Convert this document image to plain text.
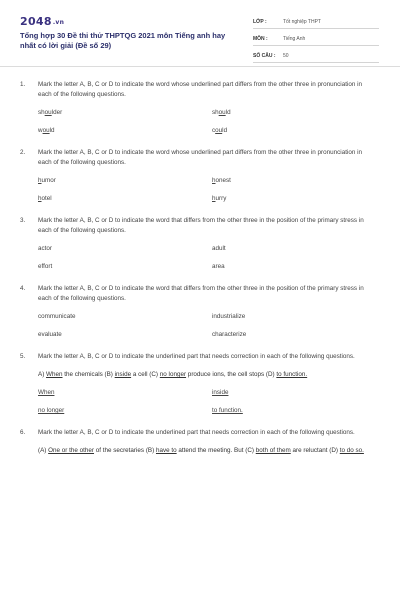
2048.vn
Tổng hợp 30 Đề thi thử THPTQG 2021 môn Tiếng anh hay nhất có lời giải (Đề số 29)
LỚP :	Tốt nghiệp THPT
MÔN :	Tiếng Anh
SỐ CÂU :	50
1.	Mark the letter A, B, C or D to indicate the word whose underlined part differs from the other three in pronunciation in each of the following questions.
shoulder	should
would	could
2.	Mark the letter A, B, C or D to indicate the word whose underlined part differs from the other three in pronunciation in each of the following questions.
humor	honest
hotel	hurry
3.	Mark the letter A, B, C or D to indicate the word that differs from the other three in the position of the primary stress in each of the following questions.
actor	adult
effort	area
4.	Mark the letter A, B, C or D to indicate the word that differs from the other three in the position of the primary stress in each of the following questions.
communicate	industrialize
evaluate	characterize
5.	Mark the letter A, B, C or D to indicate the underlined part that needs correction in each of the following questions.
A) When the chemicals (B) inside a cell (C) no longer produce ions, the cell stops (D) to function.
When	inside
no longer	to function.
6.	Mark the letter A, B, C or D to indicate the underlined part that needs correction in each of the following questions.
(A) One or the other of the secretaries (B) have to attend the meeting. But (C) both of them are reluctant (D) to do so.
